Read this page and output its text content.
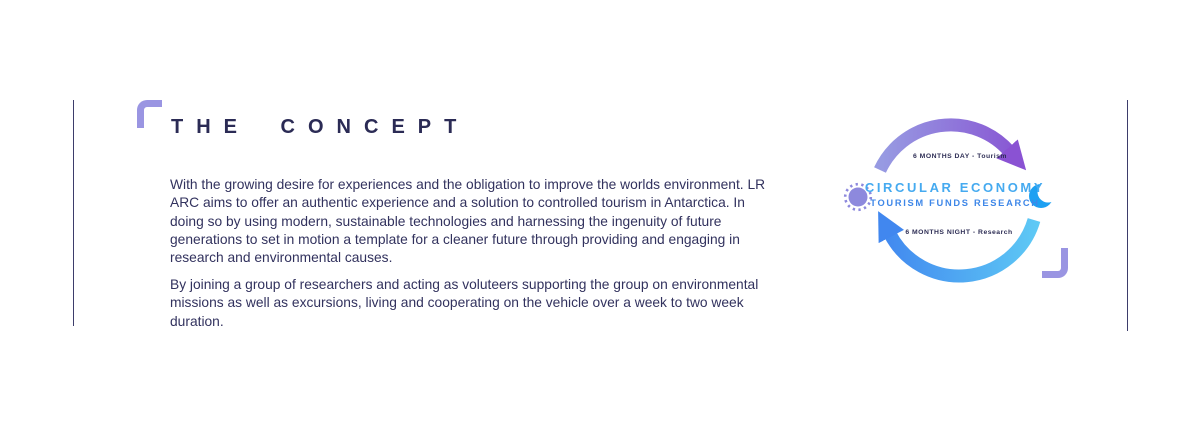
THE CONCEPT
With the growing desire for experiences and the obligation to improve the worlds environment. LR
ARC aims to offer an authentic experience and a solution to controlled tourism in Antarctica. In
doing so by using modern, sustainable technologies and harnessing the ingenuity of future
generations to set in motion a template for a cleaner future through providing and engaging in
research and environmental causes.
By joining a group of researchers and acting as voluteers supporting the group on environmental
missions as well as excursions, living and cooperating on the vehicle over a week to two week
duration.
6 MONTHS DAY - Tourism
CIRCULAR ECONOMY
TOURISM FUNDS RESEARCH
6 MONTHS NIGHT - Research
